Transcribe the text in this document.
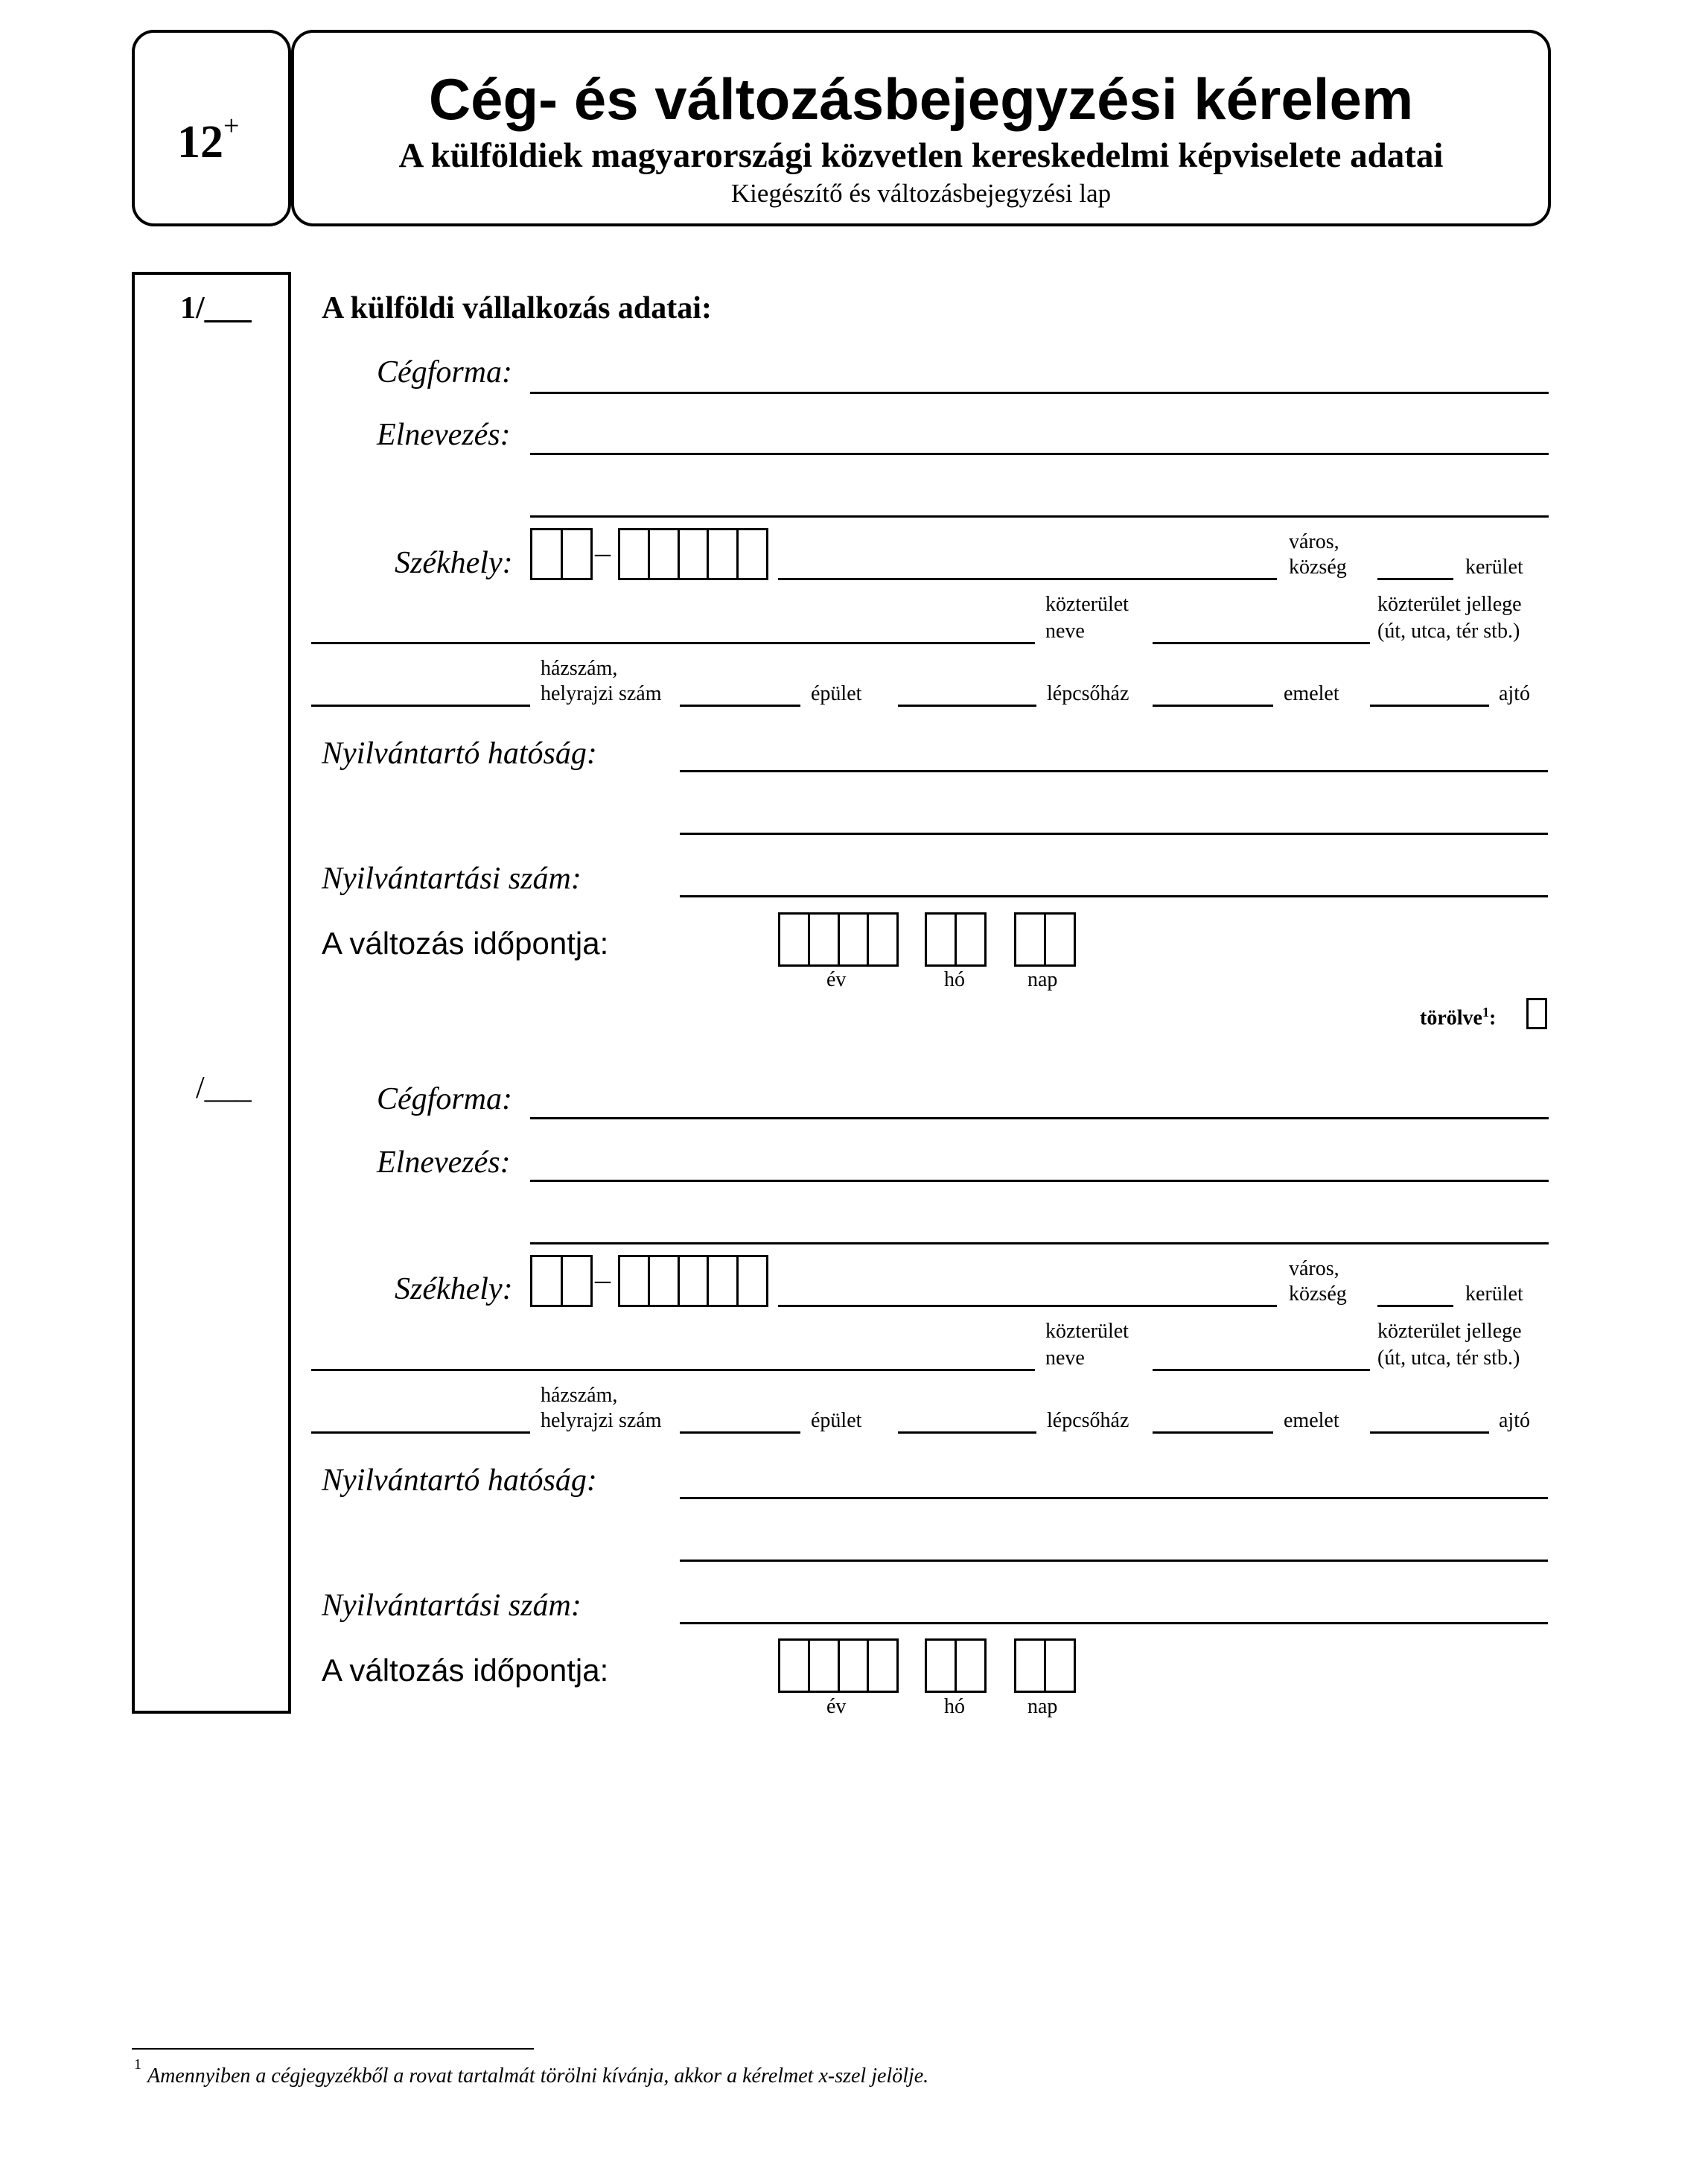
12+	Cég- és változásbejegyzési kérelem
A külföldiek magyarországi közvetlen kereskedelmi képviselete adatai
Kiegészítő és változásbejegyzési lap
1/___
/___
A külföldi vállalkozás adatai:
Cégforma:
Elnevezés:
Székhely:	–	város,
község	kerület
közterület
neve
közterület jellege
(út, utca, tér stb.)
házszám,
helyrajzi szám	épület	lépcsőház	emelet	ajtó
Nyilvántartó hatóság:
Nyilvántartási szám:
A változás időpontja:
év	hó	nap
törölve$^1$:
Cégforma:
Elnevezés:
Székhely:	–	város,
község	kerület
közterület
neve
közterület jellege
(út, utca, tér stb.)
házszám,
helyrajzi szám	épület	lépcsőház	emelet	ajtó
Nyilvántartó hatóság:
Nyilvántartási szám:
A változás időpontja:
év	hó	nap
1 Amennyiben a cégjegyzékből a rovat tartalmát törölni kívánja, akkor a kérelmet x-szel jelölje.
